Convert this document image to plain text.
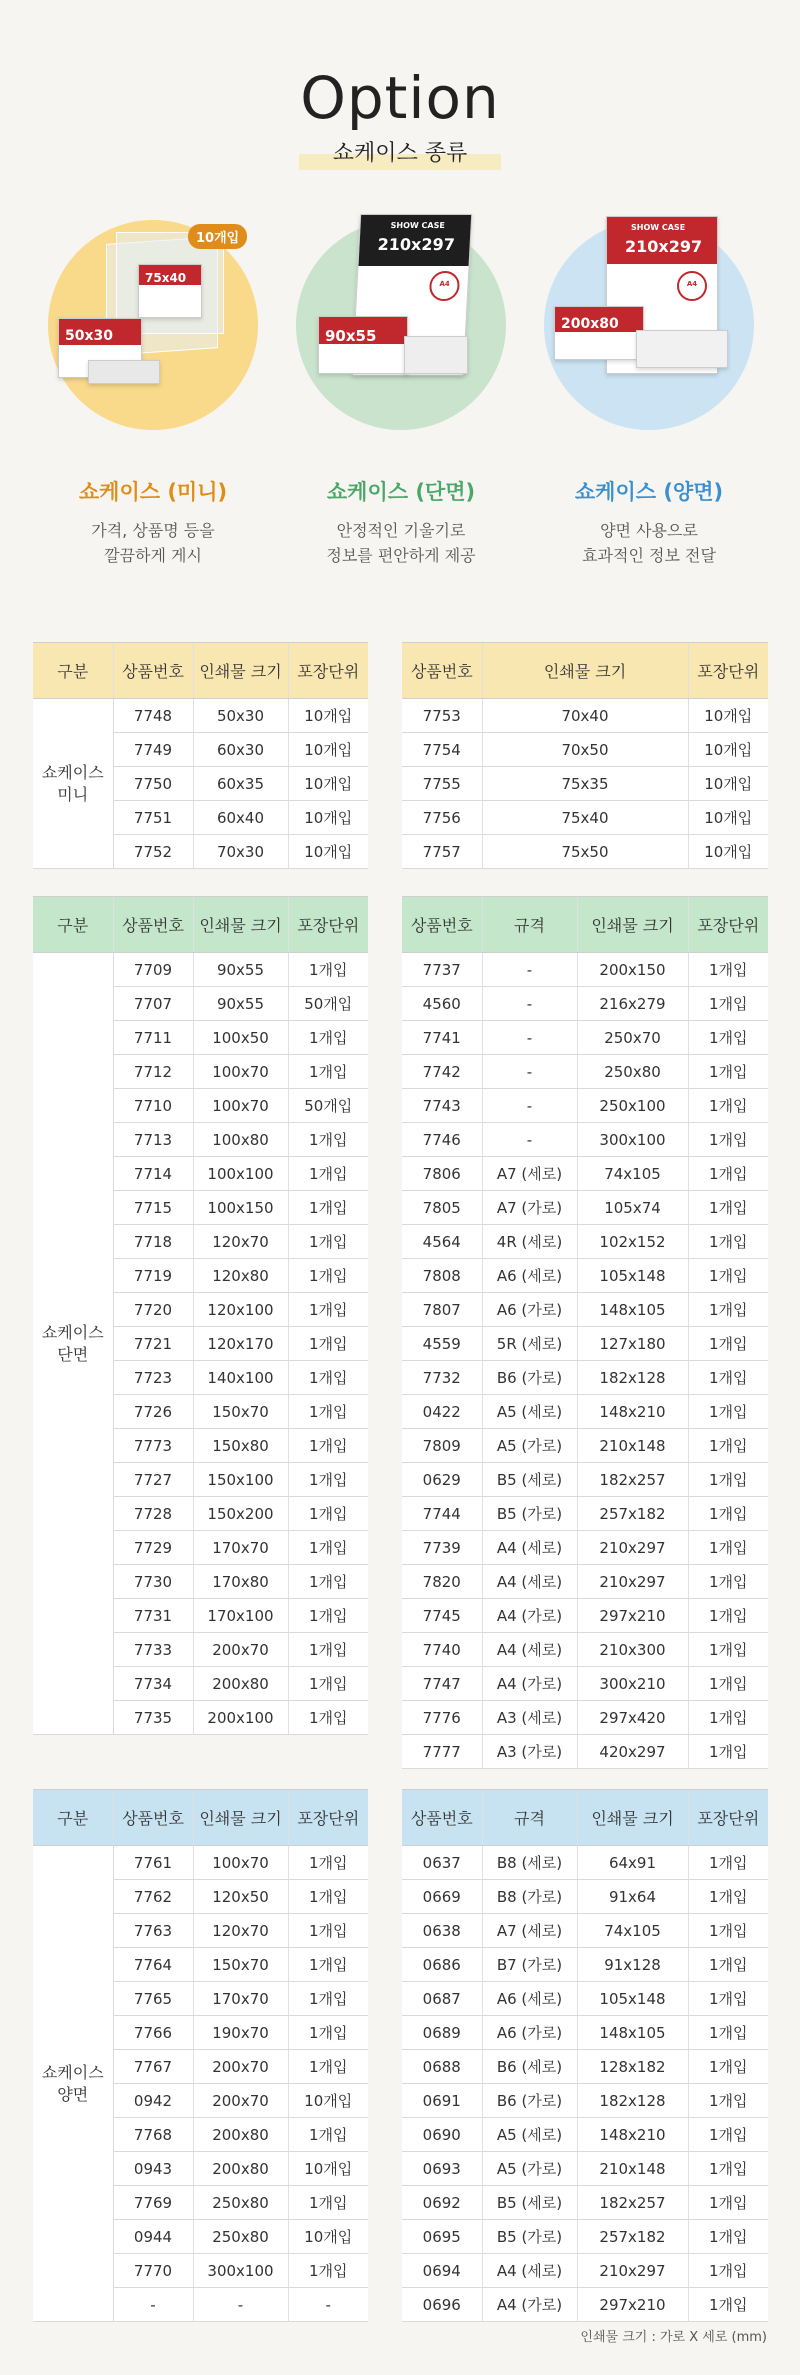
Option
쇼케이스 종류
75x40
50x30
10개입
쇼케이스 (미니)
가격, 상품명 등을
깔끔하게 게시
SHOW CASE
210x297
A4
90x55
쇼케이스 (단면)
안정적인 기울기로
정보를 편안하게 제공
SHOW CASE
210x297
A4
200x80
쇼케이스 (양면)
양면 사용으로
효과적인 정보 전달
구분	상품번호	인쇄물 크기	포장단위
쇼케이스
미니	7748	50x30	10개입
	7749	60x30	10개입
	7750	60x35	10개입
	7751	60x40	10개입
	7752	70x30	10개입
상품번호	인쇄물 크기	포장단위
7753	70x40	10개입
7754	70x50	10개입
7755	75x35	10개입
7756	75x40	10개입
7757	75x50	10개입
구분	상품번호	인쇄물 크기	포장단위
쇼케이스
단면	7709	90x55	1개입
	7707	90x55	50개입
	7711	100x50	1개입
	7712	100x70	1개입
	7710	100x70	50개입
	7713	100x80	1개입
	7714	100x100	1개입
	7715	100x150	1개입
	7718	120x70	1개입
	7719	120x80	1개입
	7720	120x100	1개입
	7721	120x170	1개입
	7723	140x100	1개입
	7726	150x70	1개입
	7773	150x80	1개입
	7727	150x100	1개입
	7728	150x200	1개입
	7729	170x70	1개입
	7730	170x80	1개입
	7731	170x100	1개입
	7733	200x70	1개입
	7734	200x80	1개입
	7735	200x100	1개입
상품번호	규격	인쇄물 크기	포장단위
7737	-	200x150	1개입
4560	-	216x279	1개입
7741	-	250x70	1개입
7742	-	250x80	1개입
7743	-	250x100	1개입
7746	-	300x100	1개입
7806	A7 (세로)	74x105	1개입
7805	A7 (가로)	105x74	1개입
4564	4R (세로)	102x152	1개입
7808	A6 (세로)	105x148	1개입
7807	A6 (가로)	148x105	1개입
4559	5R (세로)	127x180	1개입
7732	B6 (가로)	182x128	1개입
0422	A5 (세로)	148x210	1개입
7809	A5 (가로)	210x148	1개입
0629	B5 (세로)	182x257	1개입
7744	B5 (가로)	257x182	1개입
7739	A4 (세로)	210x297	1개입
7820	A4 (세로)	210x297	1개입
7745	A4 (가로)	297x210	1개입
7740	A4 (세로)	210x300	1개입
7747	A4 (가로)	300x210	1개입
7776	A3 (세로)	297x420	1개입
7777	A3 (가로)	420x297	1개입
구분	상품번호	인쇄물 크기	포장단위
쇼케이스
양면	7761	100x70	1개입
	7762	120x50	1개입
	7763	120x70	1개입
	7764	150x70	1개입
	7765	170x70	1개입
	7766	190x70	1개입
	7767	200x70	1개입
	0942	200x70	10개입
	7768	200x80	1개입
	0943	200x80	10개입
	7769	250x80	1개입
	0944	250x80	10개입
	7770	300x100	1개입
	-	-	-
상품번호	규격	인쇄물 크기	포장단위
0637	B8 (세로)	64x91	1개입
0669	B8 (가로)	91x64	1개입
0638	A7 (세로)	74x105	1개입
0686	B7 (가로)	91x128	1개입
0687	A6 (세로)	105x148	1개입
0689	A6 (가로)	148x105	1개입
0688	B6 (세로)	128x182	1개입
0691	B6 (가로)	182x128	1개입
0690	A5 (세로)	148x210	1개입
0693	A5 (가로)	210x148	1개입
0692	B5 (세로)	182x257	1개입
0695	B5 (가로)	257x182	1개입
0694	A4 (세로)	210x297	1개입
0696	A4 (가로)	297x210	1개입
인쇄물 크기 : 가로 X 세로 (mm)
